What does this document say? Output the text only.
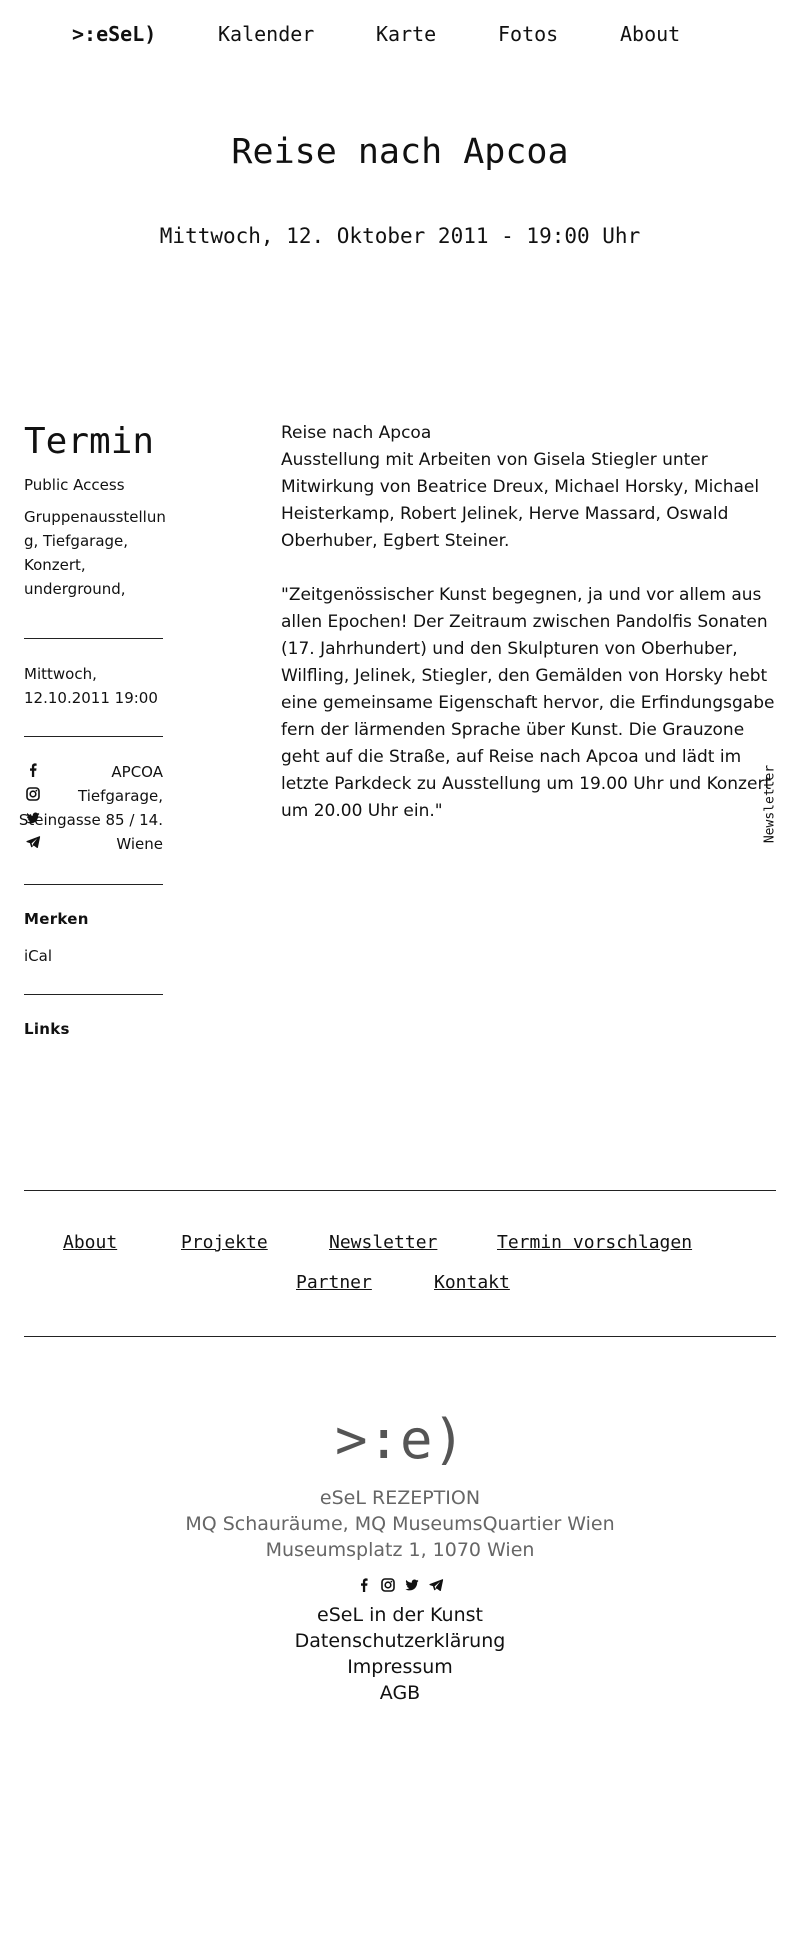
>:eSeL)	Kalender	Karte	Fotos	About
Reise nach Apcoa
Mittwoch, 12. Oktober 2011 - 19:00 Uhr
Termin
Public Access
Gruppenausstellun
g, Tiefgarage,
Konzert,
underground,
Mittwoch,
12.10.2011 19:00
APCOA
Tiefgarage,
Steingasse 85 / 14.
Wiene
Merken
iCal
Links

Reise nach Apcoa
Ausstellung mit Arbeiten von Gisela Stiegler unter Mitwirkung von Beatrice Dreux, Michael Horsky, Michael Heisterkamp, Robert Jelinek, Herve Massard, Oswald Oberhuber, Egbert Steiner.

"Zeitgenössischer Kunst begegnen, ja und vor allem aus allen Epochen! Der Zeitraum zwischen Pandolfis Sonaten (17. Jahrhundert) und den Skulpturen von Oberhuber, Wilfling, Jelinek, Stiegler, den Gemälden von Horsky hebt eine gemeinsame Eigenschaft hervor, die Erfindungsgabe fern der lärmenden Sprache über Kunst. Die Grauzone geht auf die Straße, auf Reise nach Apcoa und lädt im letzte Parkdeck zu Ausstellung um 19.00 Uhr und Konzert um 20.00 Uhr ein."	Newsletter
About	Projekte	Newsletter	Termin vorschlagen
Partner	Kontakt
>:e)
eSeL REZEPTION
MQ Schauräume, MQ MuseumsQuartier Wien
Museumsplatz 1, 1070 Wien
eSeL in der Kunst
Datenschutzerklärung
Impressum
AGB
